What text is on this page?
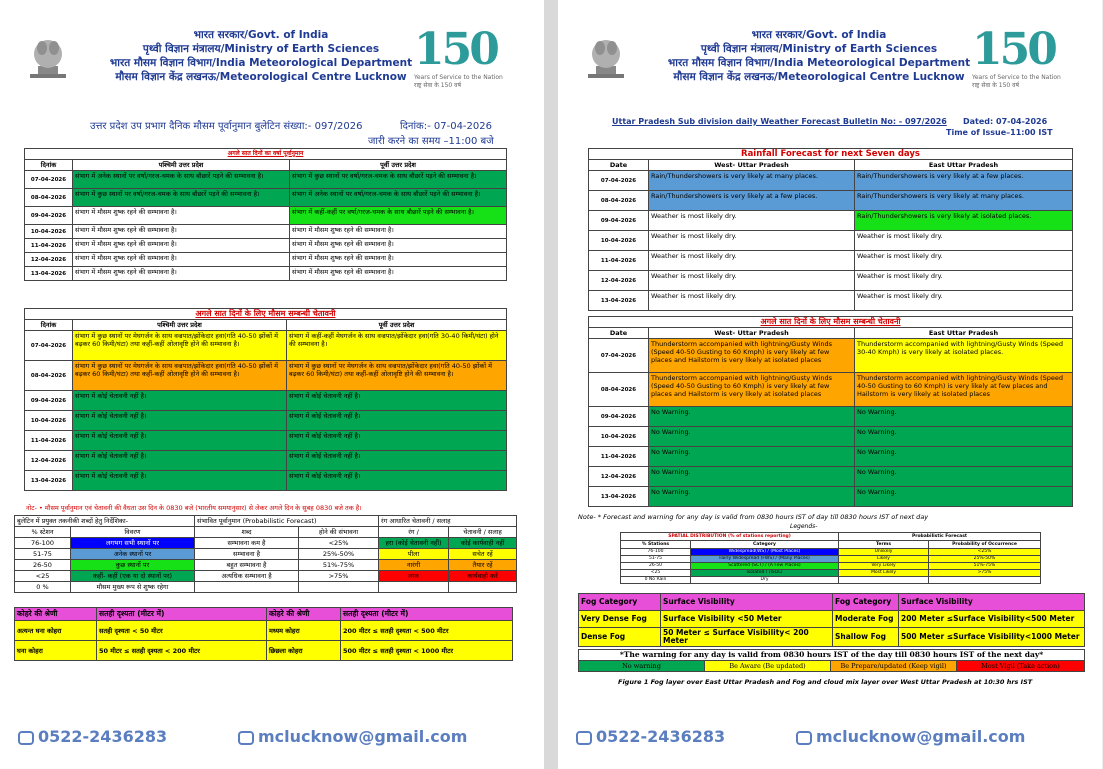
भारत सरकार/Govt. of India
पृथ्वी विज्ञान मंत्रालय/Ministry of Earth Sciences
भारत मौसम विज्ञान विभाग/India Meteorological Department
मौसम विज्ञान केंद्र लखनऊ/Meteorological Centre Lucknow
150
Years of Service to the Nation
राष्ट्र सेवा के 150 वर्ष
उत्तर प्रदेश उप प्रभाग दैनिक मौसम पूर्वानुमान बुलेटिन संख्या:- 097/2026	दिनांक:- 07-04-2026
जारी करने का समय –11:00 बजे
अगले सात दिनों का वर्षा पूर्वानुमान		
दिनांक	पश्चिमी उत्तर प्रदेश	पूर्वी उत्तर प्रदेश
07-04-2026	संभाग में अनेक स्थानों पर वर्षा/गरज-चमक के साथ बौछारें पड़ने की सम्भावना है।	संभाग में कुछ स्थानों पर वर्षा/गरज-चमक के साथ बौछारें पड़ने की सम्भावना है।
08-04-2026	संभाग में कुछ स्थानों पर वर्षा/गरज-चमक के साथ बौछारें पड़ने की सम्भावना है।	संभाग में अनेक स्थानों पर वर्षा/गरज-चमक के साथ बौछारें पड़ने की सम्भावना है।
09-04-2026	संभाग में मौसम शुष्क रहने की सम्भावना है।	संभाग में कहीं-कहीं पर वर्षा/गरज-चमक के साथ बौछारें पड़ने की सम्भावना है।
10-04-2026	संभाग में मौसम शुष्क रहने की सम्भावना है।	संभाग में मौसम शुष्क रहने की सम्भावना है।
11-04-2026	संभाग में मौसम शुष्क रहने की सम्भावना है।	संभाग में मौसम शुष्क रहने की सम्भावना है।
12-04-2026	संभाग में मौसम शुष्क रहने की सम्भावना है।	संभाग में मौसम शुष्क रहने की सम्भावना है।
13-04-2026	संभाग में मौसम शुष्क रहने की सम्भावना है।	संभाग में मौसम शुष्क रहने की सम्भावना है।
अगले सात दिनों के लिए मौसम सम्बन्धी चेतावनी		
दिनांक	पश्चिमी उत्तर प्रदेश	पूर्वी उत्तर प्रदेश
07-04-2026	संभाग में कुछ स्थानों पर मेघगर्जन के साथ वज्रपात/झोंकेदार हवा(गति 40-50 झोंकों में बढ़कर 60 किमी/घंटा) तथा कहीं-कहीं ओलावृष्टि होने की सम्भावना है।	संभाग में कहीं-कहीं मेघगर्जन के साथ वज्रपात/झोंकेदार हवा(गति 30-40 किमी/घंटा) होने की सम्भावना है।
08-04-2026	संभाग में कुछ स्थानों पर मेघगर्जन के साथ वज्रपात/झोंकेदार हवा(गति 40-50 झोंकों में बढ़कर 60 किमी/घंटा) तथा कहीं-कहीं ओलावृष्टि होने की सम्भावना है।	संभाग में कुछ स्थानों पर मेघगर्जन के साथ वज्रपात/झोंकेदार हवा(गति 40-50 झोंकों में बढ़कर 60 किमी/घंटा) तथा कहीं-कहीं ओलावृष्टि होने की सम्भावना है।
09-04-2026	संभाग में कोई चेतावनी नहीं है।	संभाग में कोई चेतावनी नहीं है।
10-04-2026	संभाग में कोई चेतावनी नहीं है।	संभाग में कोई चेतावनी नहीं है।
11-04-2026	संभाग में कोई चेतावनी नहीं है।	संभाग में कोई चेतावनी नहीं है।
12-04-2026	संभाग में कोई चेतावनी नहीं है।	संभाग में कोई चेतावनी नहीं है।
13-04-2026	संभाग में कोई चेतावनी नहीं है।	संभाग में कोई चेतावनी नहीं है।
नोट- • मौसम पूर्वानुमान एवं चेतावनी की वैधता उस दिन के 0830 बजे (भारतीय समयानुसार) से लेकर अगले दिन के सुबह 0830 बजे तक है।
बुलेटिन में प्रयुक्त तकनीकी शब्दों हेतु निर्देशिका-		संभावित पूर्वानुमान (Probabilistic Forecast)		रंग आधारित चेतावनी / सलाह	
% स्टेशन	विवरण	शब्द	होने की संभावना	रंग /	चेतावनी / सलाह
76-100	लगभग सभी स्थानों पर	सम्भावना कम है	<25%	हरा (कोई चेतावनी नहीं)	कोई कार्यवाही नहीं
51-75	अनेक स्थानों पर	सम्भावना है	25%-50%	पीला	सचेत रहें
26-50	कुछ स्थानों पर	बहुत सम्भावना है	51%-75%	नारंगी	तैयार रहें
<25	कहीं- कहीं (एक या दो स्थानों पर)	अत्यधिक सम्भावना है	>75%	लाल	कार्यवाही करें
0 %	मौसम मुख्य रूप से शुष्क रहेगा				
कोहरे की श्रेणी	सतही दृश्यता (मीटर में)	कोहरे की श्रेणी	सतही दृश्यता (मीटर में)
अत्यन्त घना कोहरा	सतही दृश्यता < 50 मीटर	मध्यम कोहरा	200 मीटर ≤ सतही दृश्यता < 500 मीटर
घना कोहरा	50 मीटर ≤ सतही दृश्यता < 200 मीटर	छिछला कोहरा	500 मीटर ≤ सतही दृश्यता < 1000 मीटर
0522-2436283	mclucknow@gmail.com
भारत सरकार/Govt. of India
पृथ्वी विज्ञान मंत्रालय/Ministry of Earth Sciences
भारत मौसम विज्ञान विभाग/India Meteorological Department
मौसम विज्ञान केंद्र लखनऊ/Meteorological Centre Lucknow
150
Years of Service to the Nation
राष्ट्र सेवा के 150 वर्ष
Uttar Pradesh Sub division daily Weather Forecast Bulletin No: - 097/2026 Dated: 07-04-2026
Time of Issue–11:00 IST
Rainfall Forecast for next Seven days		
Date	West- Uttar Pradesh	East Uttar Pradesh
07-04-2026	Rain/Thundershowers is very likely at many places.	Rain/Thundershowers is very likely at a few places.
08-04-2026	Rain/Thundershowers is very likely at a few places.	Rain/Thundershowers is very likely at many places.
09-04-2026	Weather is most likely dry.	Rain/Thundershowers is very likely at isolated places.
10-04-2026	Weather is most likely dry.	Weather is most likely dry.
11-04-2026	Weather is most likely dry.	Weather is most likely dry.
12-04-2026	Weather is most likely dry.	Weather is most likely dry.
13-04-2026	Weather is most likely dry.	Weather is most likely dry.
अगले सात दिनों के लिए मौसम सम्बन्धी चेतावनी		
Date	West- Uttar Pradesh	East Uttar Pradesh
07-04-2026	Thunderstorm accompanied with lightning/Gusty Winds (Speed 40-50 Gusting to 60 Kmph) is very likely at few places and Hailstorm is very likely at isolated places	Thunderstorm accompanied with lightning/Gusty Winds (Speed 30-40 Kmph) is very likely at isolated places.
08-04-2026	Thunderstorm accompanied with lightning/Gusty Winds (Speed 40-50 Gusting to 60 Kmph) is very likely at few places and Hailstorm is very likely at isolated places	Thunderstorm accompanied with lightning/Gusty Winds (Speed 40-50 Gusting to 60 Kmph) is very likely at few places and Hailstorm is very likely at isolated places
09-04-2026	No Warning.	No Warning.
10-04-2026	No Warning.	No Warning.
11-04-2026	No Warning.	No Warning.
12-04-2026	No Warning.	No Warning.
13-04-2026	No Warning.	No Warning.
Note- * Forecast and warning for any day is valid from 0830 hours IST of day till 0830 hours IST of next day
Legends-
SPATIAL DISTRIBUTION (% of stations reporting)		Probabilistic Forecast	
% Stations	Category	Terms	Probability of Occurrence
76-100	Widespread(WS) / (Most Places)	Unlikely	<25%
51-75	Fairly Widespread (FWS) / (Many Places)	Likely	25%-50%
26-50	Scattered (SCT) / (A Few Places)	Very Likely	51%-75%
<25	Isolated / (ISOL)	Most Likely	>75%
0 No Rain	Dry		
Fog Category	Surface Visibility	Fog Category	Surface Visibility
Very Dense Fog	Surface Visibility <50 Meter	Moderate Fog	200 Meter ≤Surface Visibility<500 Meter
Dense Fog	50 Meter ≤ Surface Visibility< 200 Meter	Shallow Fog	500 Meter ≤Surface Visibility<1000 Meter
*The warning for any day is valid from 0830 hours IST of the day till 0830 hours IST of the next day*
No warning	Be Aware (Be updated)	Be Prepare/updated (Keep vigil)	Most Vigil (Take action)
Figure 1 Fog layer over East Uttar Pradesh and Fog and cloud mix layer over West Uttar Pradesh at 10:30 hrs IST
0522-2436283	mclucknow@gmail.com
